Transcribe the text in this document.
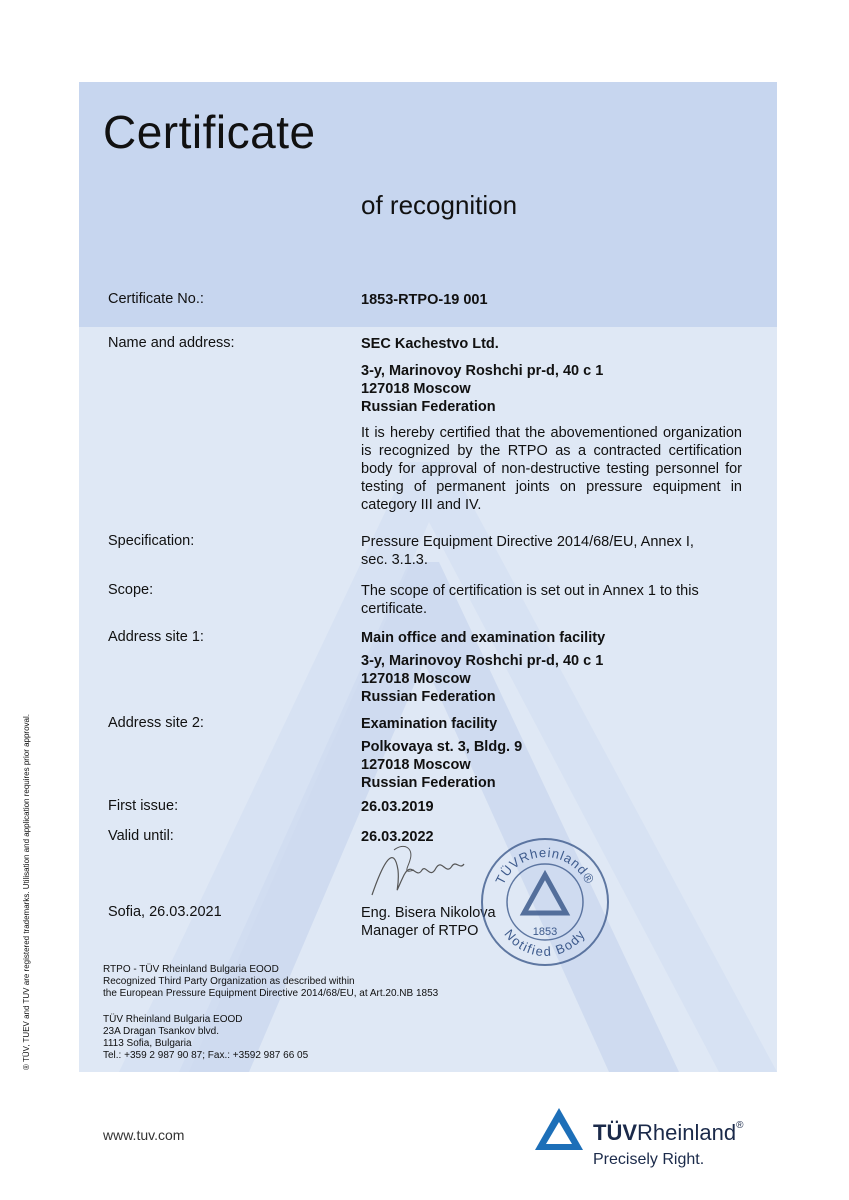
Certificate
of recognition
Certificate No.:	1853-RTPO-19 001
Name and address:	SEC Kachestvo Ltd.
3-y, Marinovoy Roshchi pr-d, 40 c 1
127018 Moscow
Russian Federation
It is hereby certified that the abovementioned organization is recognized by the RTPO as a contracted certification body for approval of non-destructive testing personnel for testing of permanent joints on pressure equipment in category III and IV.
Specification:	Pressure Equipment Directive 2014/68/EU, Annex I,
sec. 3.1.3.
Scope:	The scope of certification is set out in Annex 1 to this
certificate.
Address site 1:	Main office and examination facility
3-y, Marinovoy Roshchi pr-d, 40 c 1
127018 Moscow
Russian Federation
Address site 2:	Examination facility
Polkovaya st. 3, Bldg. 9
127018 Moscow
Russian Federation
First issue:	26.03.2019
Valid until:	26.03.2022
Sofia, 26.03.2021	Eng. Bisera Nikolova
Manager of RTPO
TÜVRheinland®
Notified Body
1853
RTPO - TÜV Rheinland Bulgaria EOOD
Recognized Third Party Organization as described within
the European Pressure Equipment Directive 2014/68/EU, at Art.20.NB 1853
TÜV Rheinland Bulgaria EOOD
23A Dragan Tsankov blvd.
1113 Sofia, Bulgaria
Tel.: +359 2 987 90 87; Fax.: +3592 987 66 05
® TÜV, TUEV and TUV are registered trademarks. Utilisation and application requires prior approval.
www.tuv.com	TÜVRheinland®
Precisely Right.
